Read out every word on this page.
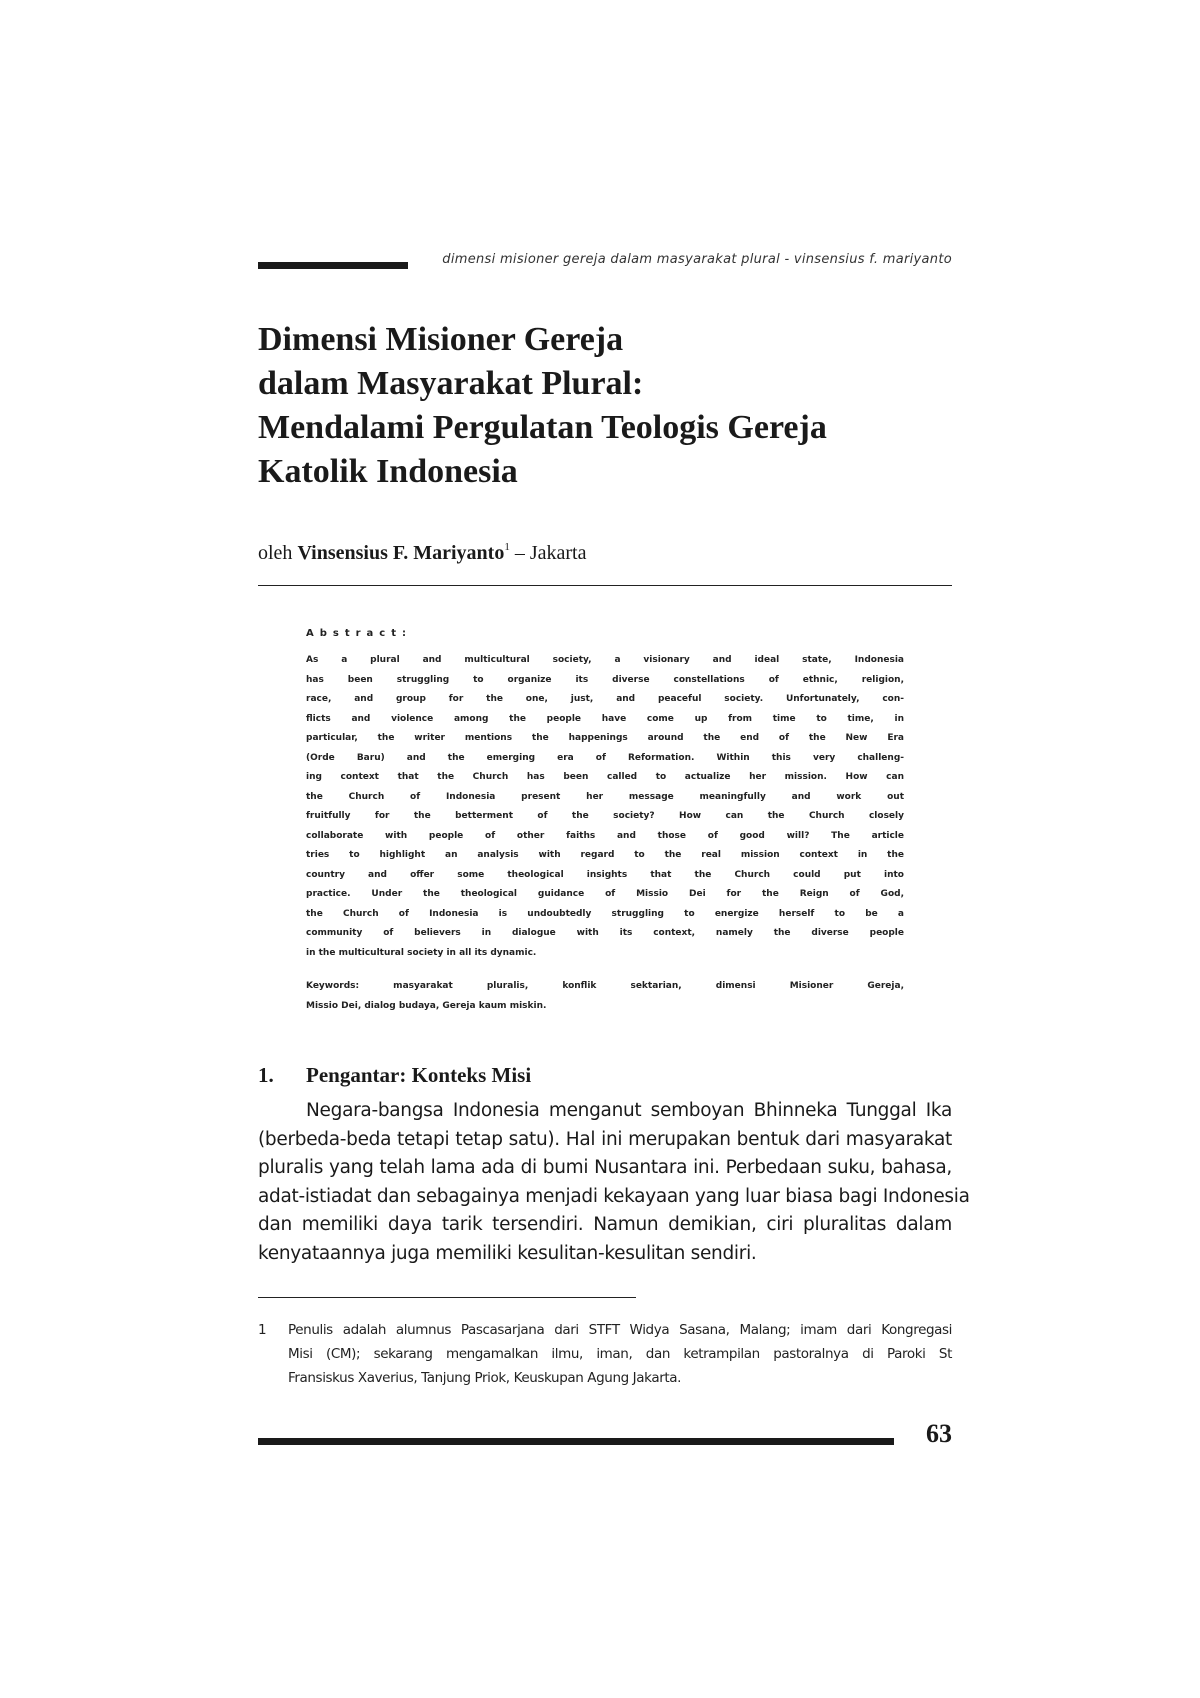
dimensi misioner gereja dalam masyarakat plural - vinsensius f. mariyanto
Dimensi Misioner Gereja
dalam Masyarakat Plural:
Mendalami Pergulatan Teologis Gereja
Katolik Indonesia
oleh Vinsensius F. Mariyanto$^1$ – Jakarta
Abstract:
As a plural and multicultural society, a visionary and ideal state, Indonesia
has been struggling to organize its diverse constellations of ethnic, religion,
race, and group for the one, just, and peaceful society. Unfortunately, con-
flicts and violence among the people have come up from time to time, in
particular, the writer mentions the happenings around the end of the New Era
(Orde Baru) and the emerging era of Reformation. Within this very challeng-
ing context that the Church has been called to actualize her mission. How can
the Church of Indonesia present her message meaningfully and work out
fruitfully for the betterment of the society? How can the Church closely
collaborate with people of other faiths and those of good will? The article
tries to highlight an analysis with regard to the real mission context in the
country and offer some theological insights that the Church could put into
practice. Under the theological guidance of Missio Dei for the Reign of God,
the Church of Indonesia is undoubtedly struggling to energize herself to be a
community of believers in dialogue with its context, namely the diverse people
in the multicultural society in all its dynamic.
Keywords: masyarakat pluralis, konflik sektarian, dimensi Misioner Gereja,
Missio Dei, dialog budaya, Gereja kaum miskin.
1. Pengantar: Konteks Misi
Negara-bangsa Indonesia menganut semboyan Bhinneka Tunggal Ika
(berbeda-beda tetapi tetap satu). Hal ini merupakan bentuk dari masyarakat
pluralis yang telah lama ada di bumi Nusantara ini. Perbedaan suku, bahasa,
adat-istiadat dan sebagainya menjadi kekayaan yang luar biasa bagi Indonesia
dan memiliki daya tarik tersendiri. Namun demikian, ciri pluralitas dalam
kenyataannya juga memiliki kesulitan-kesulitan sendiri.
1 Penulis adalah alumnus Pascasarjana dari STFT Widya Sasana, Malang; imam dari Kongregasi
Misi (CM); sekarang mengamalkan ilmu, iman, dan ketrampilan pastoralnya di Paroki St
Fransiskus Xaverius, Tanjung Priok, Keuskupan Agung Jakarta.
63
